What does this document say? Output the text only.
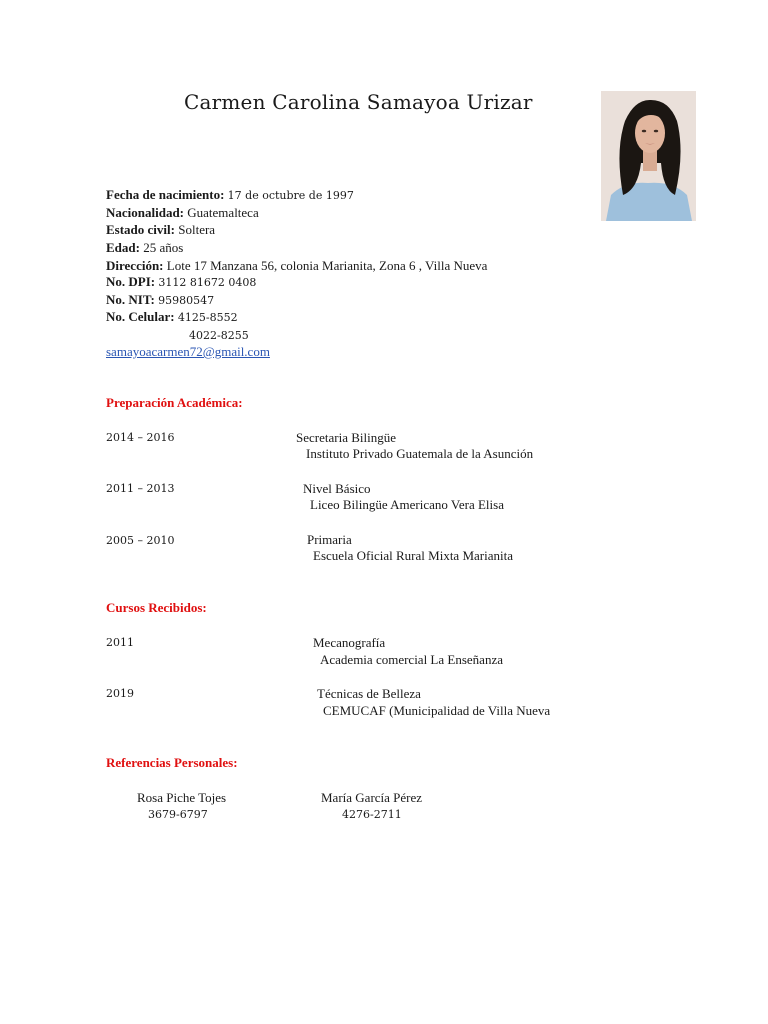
Carmen Carolina Samayoa Urizar
Fecha de nacimiento: 17 de octubre de 1997
Nacionalidad: Guatemalteca
Estado civil: Soltera
Edad: 25 años
Dirección: Lote 17 Manzana 56, colonia Marianita, Zona 6 , Villa Nueva
No. DPI: 3112 81672 0408
No. NIT: 95980547
No. Celular: 4125-8552
4022-8255
samayoacarmen72@gmail.com
Preparación Académica:
2014 – 2016	Secretaria Bilingüe
Instituto Privado Guatemala de la Asunción
2011 – 2013	Nivel Básico
Liceo Bilingüe Americano Vera Elisa
2005 – 2010	Primaria
Escuela Oficial Rural Mixta Marianita
Cursos Recibidos:
2011	Mecanografía
Academia comercial La Enseñanza
2019	Técnicas de Belleza
CEMUCAF (Municipalidad de Villa Nueva
Referencias Personales:
Rosa Piche Tojes
3679-6797
María García Pérez
4276-2711
